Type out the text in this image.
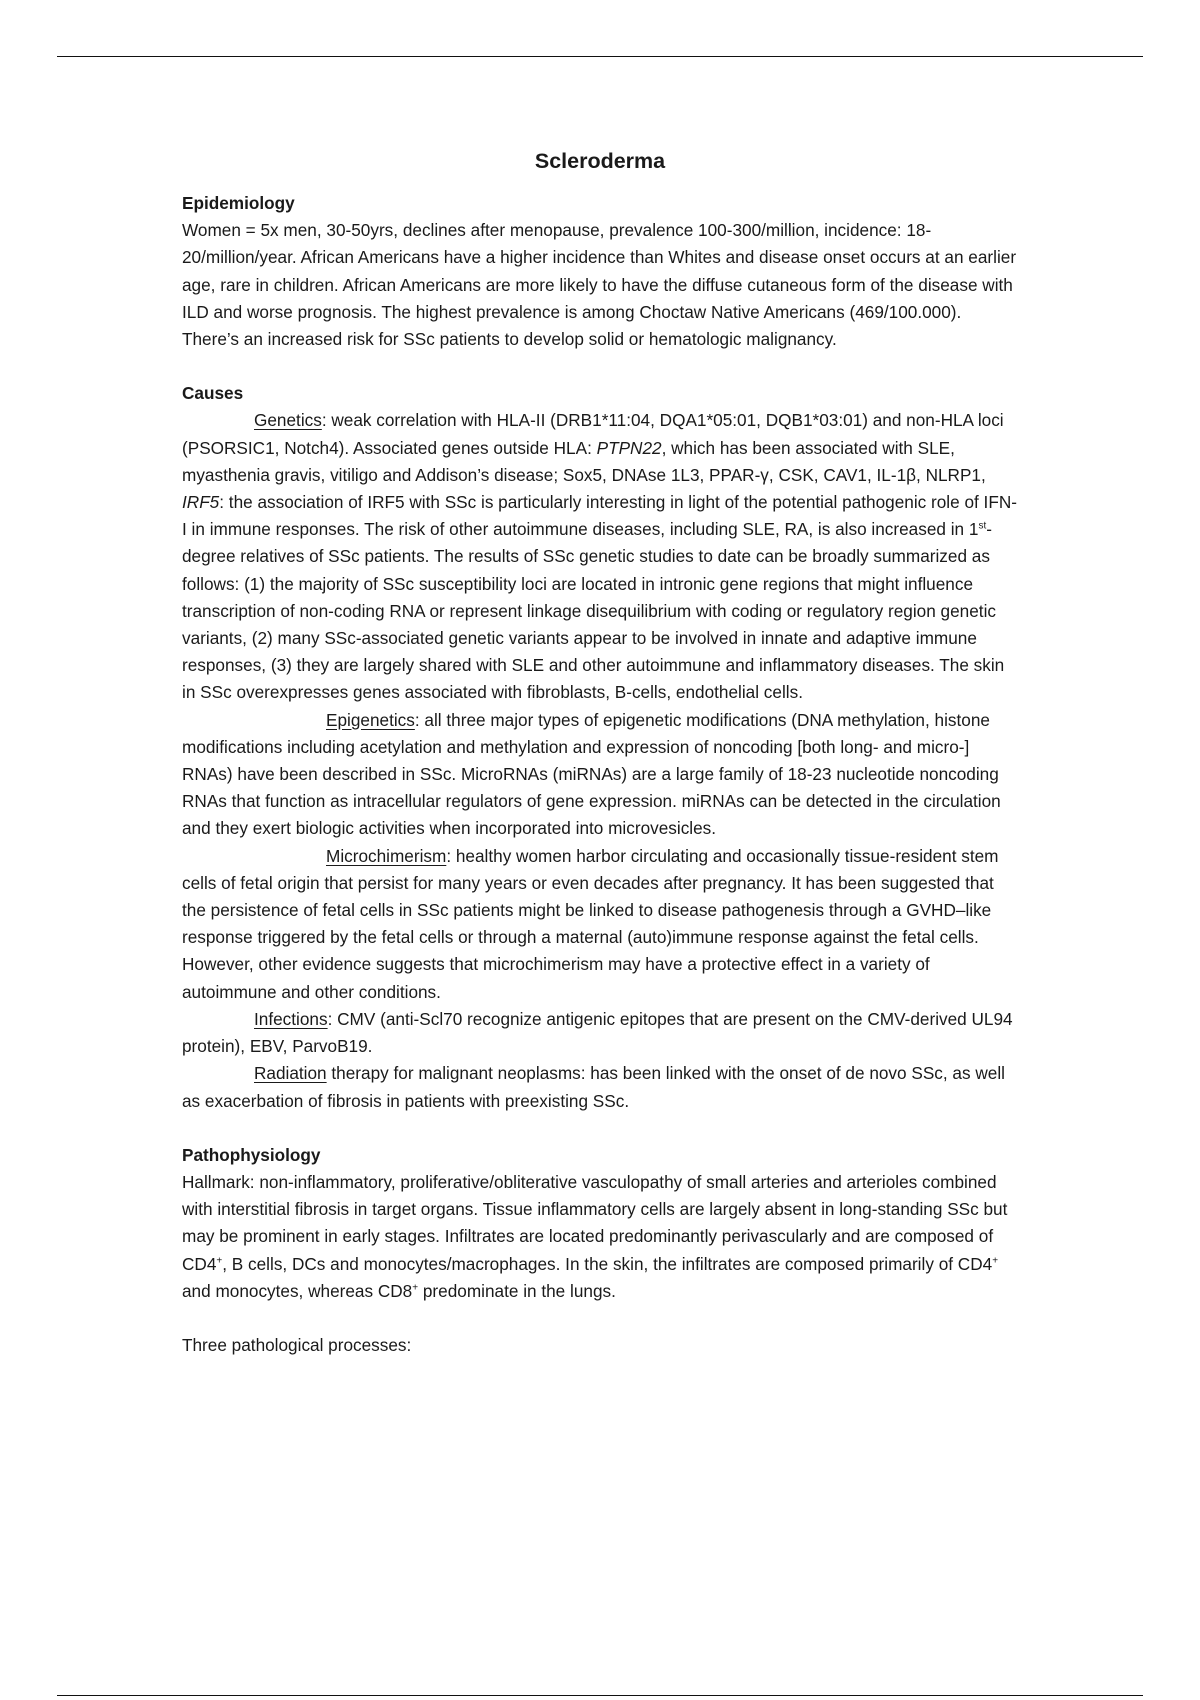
Scleroderma

Epidemiology

Women = 5x men, 30-50yrs, declines after menopause, prevalence 100-300/million, incidence: 18-20/million/year. African Americans have a higher incidence than Whites and disease onset occurs at an earlier age, rare in children. African Americans are more likely to have the diffuse cutaneous form of the disease with ILD and worse prognosis. The highest prevalence is among Choctaw Native Americans (469/100.000). There’s an increased risk for SSc patients to develop solid or hematologic malignancy.

Causes

Genetics: weak correlation with HLA-II (DRB1*11:04, DQA1*05:01, DQB1*03:01) and non-HLA loci (PSORSIC1, Notch4). Associated genes outside HLA: PTPN22, which has been associated with SLE, myasthenia gravis, vitiligo and Addison’s disease; Sox5, DNAse 1L3, PPAR-γ, CSK, CAV1, IL-1β, NLRP1, IRF5: the association of IRF5 with SSc is particularly interesting in light of the potential pathogenic role of IFN-I in immune responses. The risk of other autoimmune diseases, including SLE, RA, is also increased in 1st-degree relatives of SSc patients. The results of SSc genetic studies to date can be broadly summarized as follows: (1) the majority of SSc susceptibility loci are located in intronic gene regions that might influence transcription of non-coding RNA or represent linkage disequilibrium with coding or regulatory region genetic variants, (2) many SSc-associated genetic variants appear to be involved in innate and adaptive immune responses, (3) they are largely shared with SLE and other autoimmune and inflammatory diseases. The skin in SSc overexpresses genes associated with fibroblasts, B-cells, endothelial cells.

Epigenetics: all three major types of epigenetic modifications (DNA methylation, histone modifications including acetylation and methylation and expression of noncoding [both long- and micro-] RNAs) have been described in SSc. MicroRNAs (miRNAs) are a large family of 18-23 nucleotide noncoding RNAs that function as intracellular regulators of gene expression. miRNAs can be detected in the circulation and they exert biologic activities when incorporated into microvesicles.

Microchimerism: healthy women harbor circulating and occasionally tissue-resident stem cells of fetal origin that persist for many years or even decades after pregnancy. It has been suggested that the persistence of fetal cells in SSc patients might be linked to disease pathogenesis through a GVHD–like response triggered by the fetal cells or through a maternal (auto)immune response against the fetal cells. However, other evidence suggests that microchimerism may have a protective effect in a variety of autoimmune and other conditions.

Infections: CMV (anti-Scl70 recognize antigenic epitopes that are present on the CMV-derived UL94 protein), EBV, ParvoB19.

Radiation therapy for malignant neoplasms: has been linked with the onset of de novo SSc, as well as exacerbation of fibrosis in patients with preexisting SSc.

Pathophysiology

Hallmark: non-inflammatory, proliferative/obliterative vasculopathy of small arteries and arterioles combined with interstitial fibrosis in target organs. Tissue inflammatory cells are largely absent in long-standing SSc but may be prominent in early stages. Infiltrates are located predominantly perivascularly and are composed of CD4+, B cells, DCs and monocytes/macrophages. In the skin, the infiltrates are composed primarily of CD4+ and monocytes, whereas CD8+ predominate in the lungs.

Three pathological processes:
